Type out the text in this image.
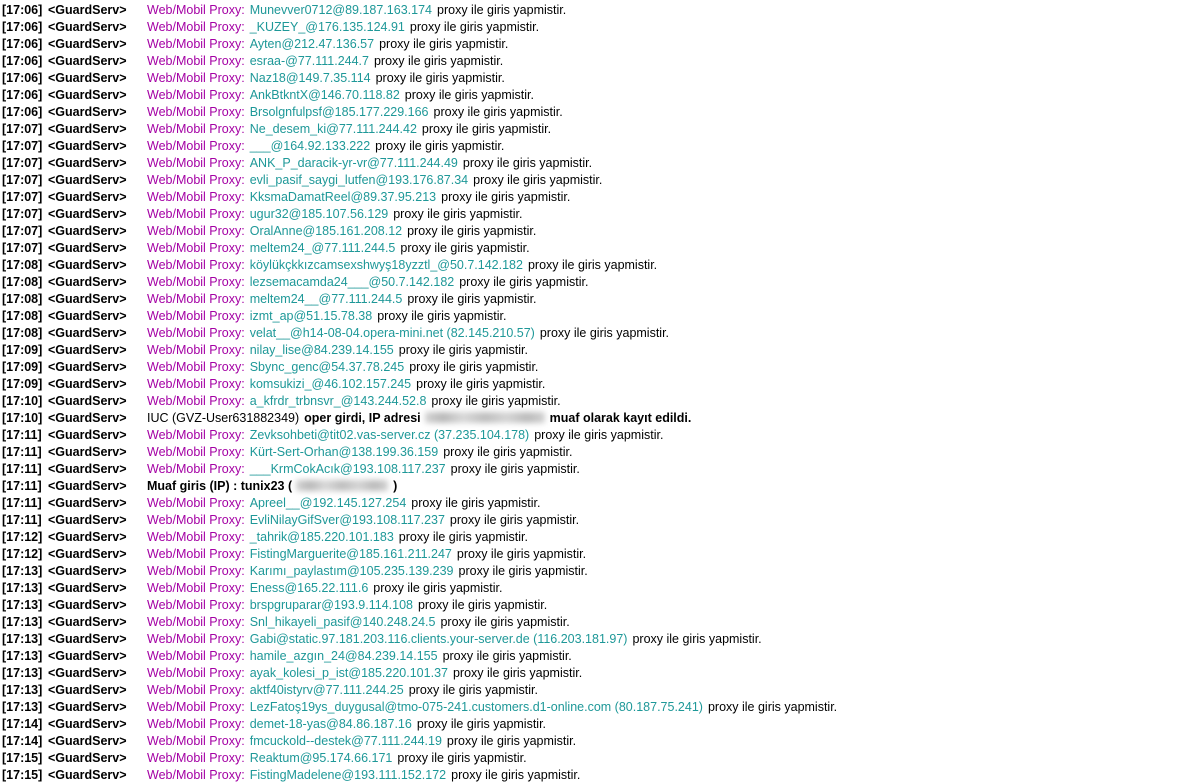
[17:06] <GuardServ> Web/Mobil Proxy: Munevver0712@89.187.163.174 proxy ile giris yapmistir.
[17:06] <GuardServ> Web/Mobil Proxy: _KUZEY_@176.135.124.91 proxy ile giris yapmistir.
[17:06] <GuardServ> Web/Mobil Proxy: Ayten@212.47.136.57 proxy ile giris yapmistir.
[17:06] <GuardServ> Web/Mobil Proxy: esraa-@77.111.244.7 proxy ile giris yapmistir.
[17:06] <GuardServ> Web/Mobil Proxy: Naz18@149.7.35.114 proxy ile giris yapmistir.
[17:06] <GuardServ> Web/Mobil Proxy: AnkBtkntX@146.70.118.82 proxy ile giris yapmistir.
[17:06] <GuardServ> Web/Mobil Proxy: Brsolgnfulpsf@185.177.229.166 proxy ile giris yapmistir.
[17:07] <GuardServ> Web/Mobil Proxy: Ne_desem_ki@77.111.244.42 proxy ile giris yapmistir.
[17:07] <GuardServ> Web/Mobil Proxy: ___@164.92.133.222 proxy ile giris yapmistir.
[17:07] <GuardServ> Web/Mobil Proxy: ANK_P_daracik-yr-vr@77.111.244.49 proxy ile giris yapmistir.
[17:07] <GuardServ> Web/Mobil Proxy: evli_pasif_saygi_lutfen@193.176.87.34 proxy ile giris yapmistir.
[17:07] <GuardServ> Web/Mobil Proxy: KksmaDamatReel@89.37.95.213 proxy ile giris yapmistir.
[17:07] <GuardServ> Web/Mobil Proxy: ugur32@185.107.56.129 proxy ile giris yapmistir.
[17:07] <GuardServ> Web/Mobil Proxy: OralAnne@185.161.208.12 proxy ile giris yapmistir.
[17:07] <GuardServ> Web/Mobil Proxy: meltem24_@77.111.244.5 proxy ile giris yapmistir.
[17:08] <GuardServ> Web/Mobil Proxy: köylükçkkızcamsexshwyş18yzztl_@50.7.142.182 proxy ile giris yapmistir.
[17:08] <GuardServ> Web/Mobil Proxy: lezsemacamda24___@50.7.142.182 proxy ile giris yapmistir.
[17:08] <GuardServ> Web/Mobil Proxy: meltem24__@77.111.244.5 proxy ile giris yapmistir.
[17:08] <GuardServ> Web/Mobil Proxy: izmt_ap@51.15.78.38 proxy ile giris yapmistir.
[17:08] <GuardServ> Web/Mobil Proxy: velat__@h14-08-04.opera-mini.net (82.145.210.57) proxy ile giris yapmistir.
[17:09] <GuardServ> Web/Mobil Proxy: nilay_lise@84.239.14.155 proxy ile giris yapmistir.
[17:09] <GuardServ> Web/Mobil Proxy: Sbync_genc@54.37.78.245 proxy ile giris yapmistir.
[17:09] <GuardServ> Web/Mobil Proxy: komsukizi_@46.102.157.245 proxy ile giris yapmistir.
[17:10] <GuardServ> Web/Mobil Proxy: a_kfrdr_trbnsvr_@143.244.52.8 proxy ile giris yapmistir.
[17:10] <GuardServ> IUC (GVZ-User631882349) oper girdi, IP adresi	muaf olarak kayıt edildi.
[17:11] <GuardServ> Web/Mobil Proxy: Zevksohbeti@tit02.vas-server.cz (37.235.104.178) proxy ile giris yapmistir.
[17:11] <GuardServ> Web/Mobil Proxy: Kürt-Sert-Orhan@138.199.36.159 proxy ile giris yapmistir.
[17:11] <GuardServ> Web/Mobil Proxy: ___KrmCokAcık@193.108.117.237 proxy ile giris yapmistir.
[17:11] <GuardServ> Muaf giris (IP) : tunix23 (	)
[17:11] <GuardServ> Web/Mobil Proxy: Apreel__@192.145.127.254 proxy ile giris yapmistir.
[17:11] <GuardServ> Web/Mobil Proxy: EvliNilayGifSver@193.108.117.237 proxy ile giris yapmistir.
[17:12] <GuardServ> Web/Mobil Proxy: _tahrik@185.220.101.183 proxy ile giris yapmistir.
[17:12] <GuardServ> Web/Mobil Proxy: FistingMarguerite@185.161.211.247 proxy ile giris yapmistir.
[17:13] <GuardServ> Web/Mobil Proxy: Karımı_paylastım@105.235.139.239 proxy ile giris yapmistir.
[17:13] <GuardServ> Web/Mobil Proxy: Eness@165.22.111.6 proxy ile giris yapmistir.
[17:13] <GuardServ> Web/Mobil Proxy: brspgruparar@193.9.114.108 proxy ile giris yapmistir.
[17:13] <GuardServ> Web/Mobil Proxy: Snl_hikayeli_pasif@140.248.24.5 proxy ile giris yapmistir.
[17:13] <GuardServ> Web/Mobil Proxy: Gabi@static.97.181.203.116.clients.your-server.de (116.203.181.97) proxy ile giris yapmistir.
[17:13] <GuardServ> Web/Mobil Proxy: hamile_azgın_24@84.239.14.155 proxy ile giris yapmistir.
[17:13] <GuardServ> Web/Mobil Proxy: ayak_kolesi_p_ist@185.220.101.37 proxy ile giris yapmistir.
[17:13] <GuardServ> Web/Mobil Proxy: aktf40istyrv@77.111.244.25 proxy ile giris yapmistir.
[17:13] <GuardServ> Web/Mobil Proxy: LezFatoş19ys_duygusal@tmo-075-241.customers.d1-online.com (80.187.75.241) proxy ile giris yapmistir.
[17:14] <GuardServ> Web/Mobil Proxy: demet-18-yas@84.86.187.16 proxy ile giris yapmistir.
[17:14] <GuardServ> Web/Mobil Proxy: fmcuckold--destek@77.111.244.19 proxy ile giris yapmistir.
[17:15] <GuardServ> Web/Mobil Proxy: Reaktum@95.174.66.171 proxy ile giris yapmistir.
[17:15] <GuardServ> Web/Mobil Proxy: FistingMadelene@193.111.152.172 proxy ile giris yapmistir.
